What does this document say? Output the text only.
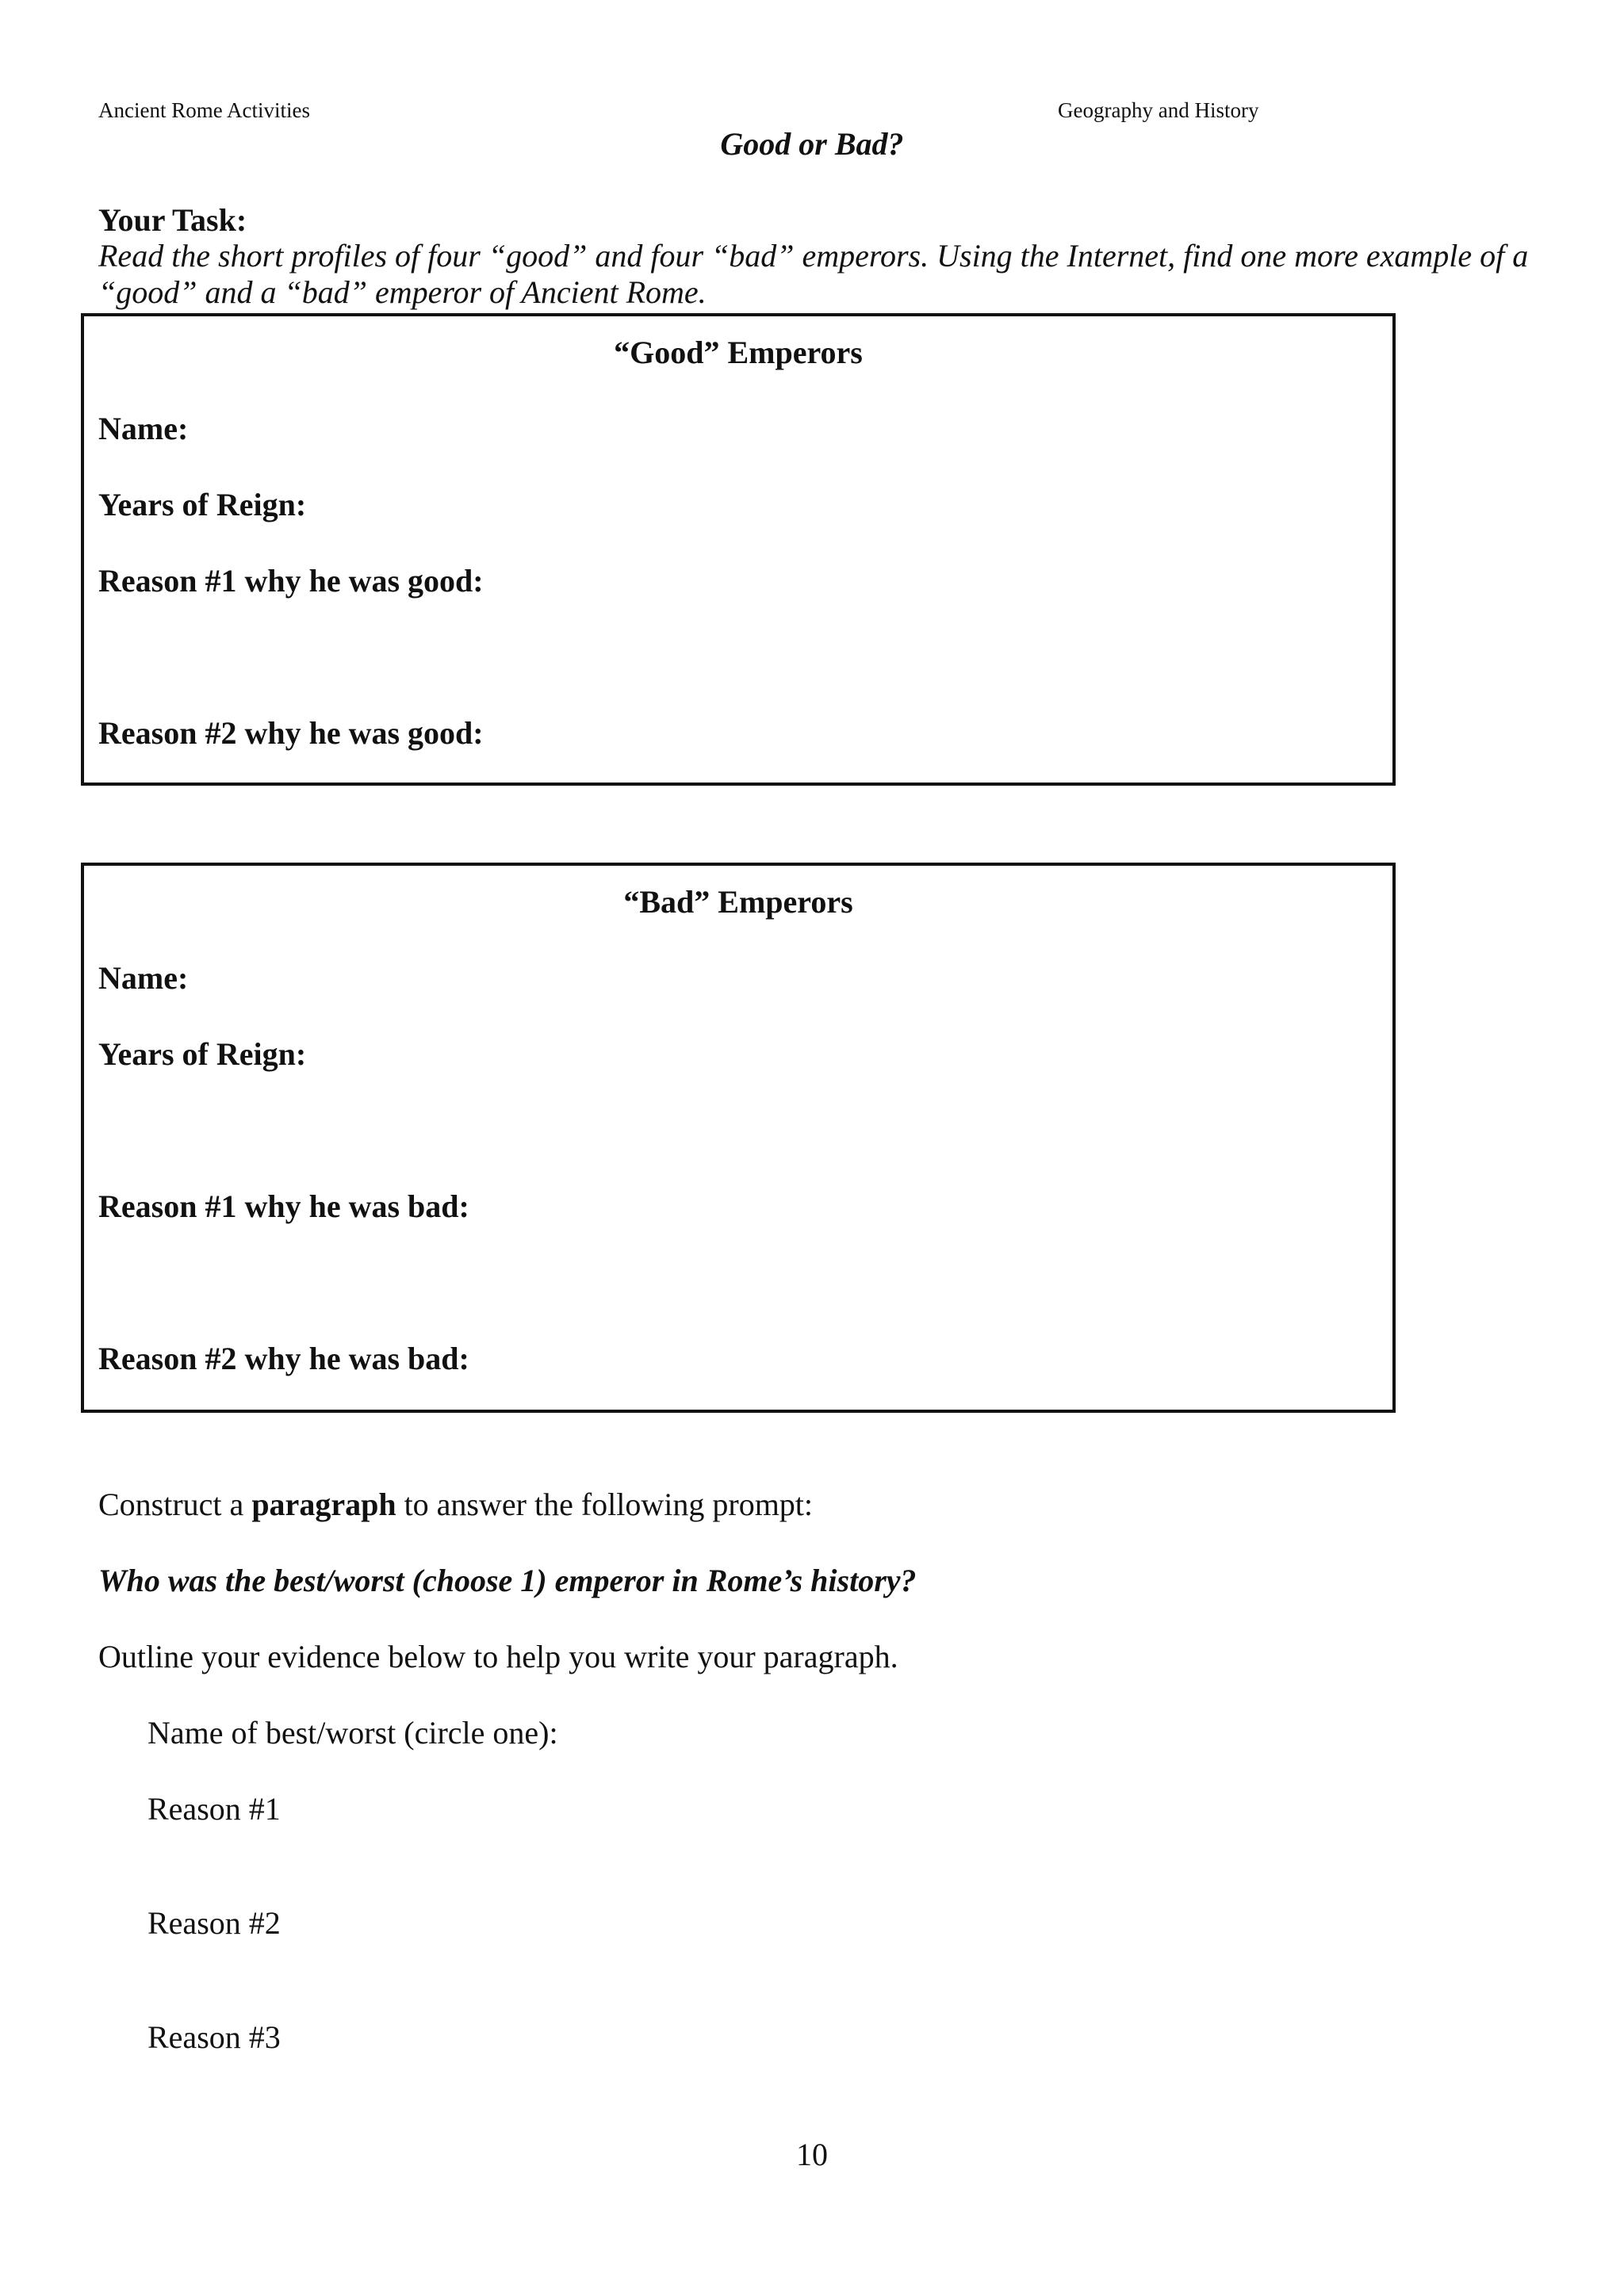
Ancient Rome Activities	Geography and History
Good or Bad?
Your Task:
Read the short profiles of four “good” and four “bad” emperors. Using the Internet, find one more example of a “good” and a “bad” emperor of Ancient Rome.
“Good” Emperors
Name:
Years of Reign:
Reason #1 why he was good:
Reason #2 why he was good:
“Bad” Emperors
Name:
Years of Reign:
Reason #1 why he was bad:
Reason #2 why he was bad:
Construct a paragraph to answer the following prompt:
Who was the best/worst (choose 1) emperor in Rome’s history?
Outline your evidence below to help you write your paragraph.
Name of best/worst (circle one):
Reason #1
Reason #2
Reason #3
10
